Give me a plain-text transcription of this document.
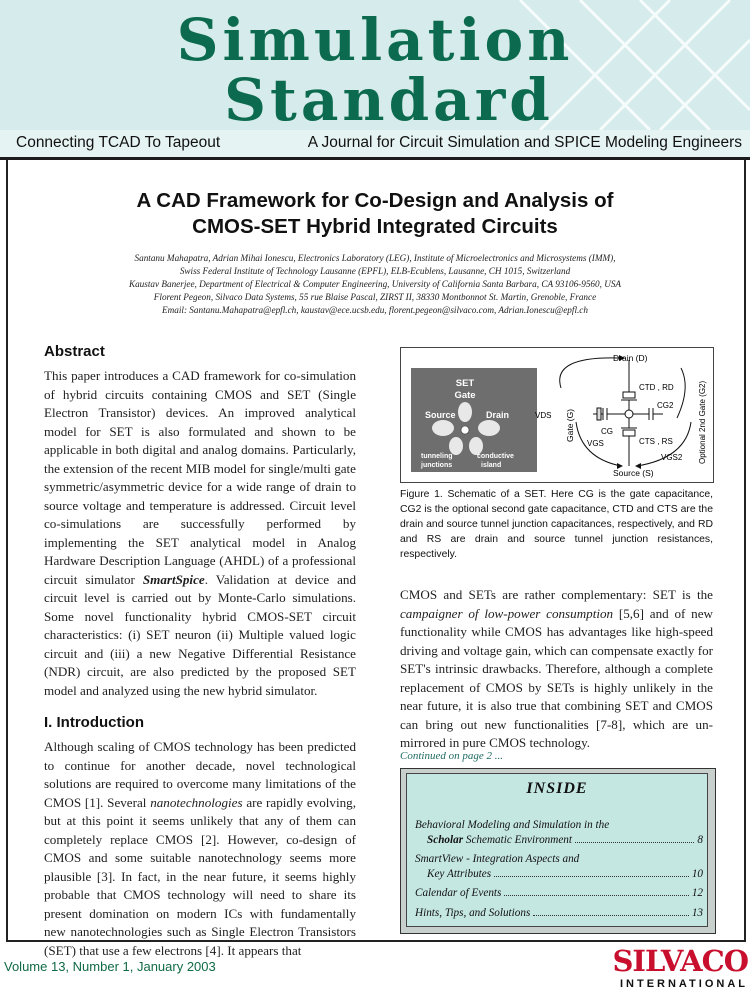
Simulation
Standard
Connecting TCAD To Tapeout	A Journal for Circuit Simulation and SPICE Modeling Engineers
A CAD Framework for Co-Design and Analysis of
CMOS-SET Hybrid Integrated Circuits
Santanu Mahapatra, Adrian Mihai Ionescu, Electronics Laboratory (LEG), Institute of Microelectronics and Microsystems (IMM),
Swiss Federal Institute of Technology Lausanne (EPFL), ELB-Ecublens, Lausanne, CH 1015, Switzerland
Kaustav Banerjee, Department of Electrical & Computer Engineering, University of California Santa Barbara, CA 93106-9560, USA
Florent Pegeon, Silvaco Data Systems, 55 rue Blaise Pascal, ZIRST II, 38330 Montbonnot St. Martin, Grenoble, France
Email: Santanu.Mahapatra@epfl.ch, kaustav@ece.ucsb.edu, florent.pegeon@silvaco.com, Adrian.Ionescu@epfl.ch
Abstract

This paper introduces a CAD framework for co-simulation of hybrid circuits containing CMOS and SET (Single Electron Transistor) devices. An improved analytical model for SET is also formulated and shown to be applicable in both digital and analog domains. Particularly, the extension of the recent MIB model for single/multi gate symmetric/asymmetric device for a wide range of drain to source voltage and temperature is addressed. Circuit level co-simulations are successfully performed by implementing the SET analytical model in Analog Hardware Description Language (AHDL) of a professional circuit simulator SmartSpice. Validation at device and circuit level is carried out by Monte-Carlo simulations. Some novel functionality hybrid CMOS-SET circuit characteristics: (i) SET neuron (ii) Multiple valued logic circuit and (iii) a new Negative Differential Resistance (NDR) circuit, are also predicted by the proposed SET model and analyzed using the new hybrid simulator.

I. Introduction

Although scaling of CMOS technology has been predicted to continue for another decade, novel technological solutions are required to overcome many limitations of the CMOS [1]. Several nanotechnologies are rapidly evolving, but at this point it seems unlikely that any of them can completely replace CMOS [2]. However, co-design of CMOS and some suitable nanotechnology seems more plausible [3]. In fact, in the near future, it seems highly probable that CMOS technology will need to share its present domination on modern ICs with fundamentally new nanotechnologies such as Single Electron Transistors (SET) that use a few electrons [4]. It appears that

SET
Gate
Source	Drain
tunneling
junctions
conductive
island
Drain (D)
CTD , RD
CTS , RS
CG
CG2
VDS
VGS
VGS2
Source (S)
Gate (G)	Optional 2nd Gate (G2)
Figure 1. Schematic of a SET. Here CG is the gate capacitance, CG2 is the optional second gate capacitance, CTD and CTS are the drain and source tunnel junction capacitances, respectively, and RD and RS are drain and source tunnel junction resistances, respectively.

CMOS and SETs are rather complementary: SET is the campaigner of low-power consumption [5,6] and of new functionality while CMOS has advantages like high-speed driving and voltage gain, which can compensate exactly for SET's intrinsic drawbacks. Therefore, although a complete replacement of CMOS by SETs is highly unlikely in the near future, it is also true that combining SET and CMOS can bring out new functionalities [7-8], which are un-mirrored in pure CMOS technology.

Continued on page 2 ...
INSIDE
Behavioral Modeling and Simulation in the
Scholar Schematic Environment	8
SmartView - Integration Aspects and
Key Attributes	10
Calendar of Events	12
Hints, Tips, and Solutions	13
Volume 13, Number 1, January 2003	SILVACO
INTERNATIONAL
